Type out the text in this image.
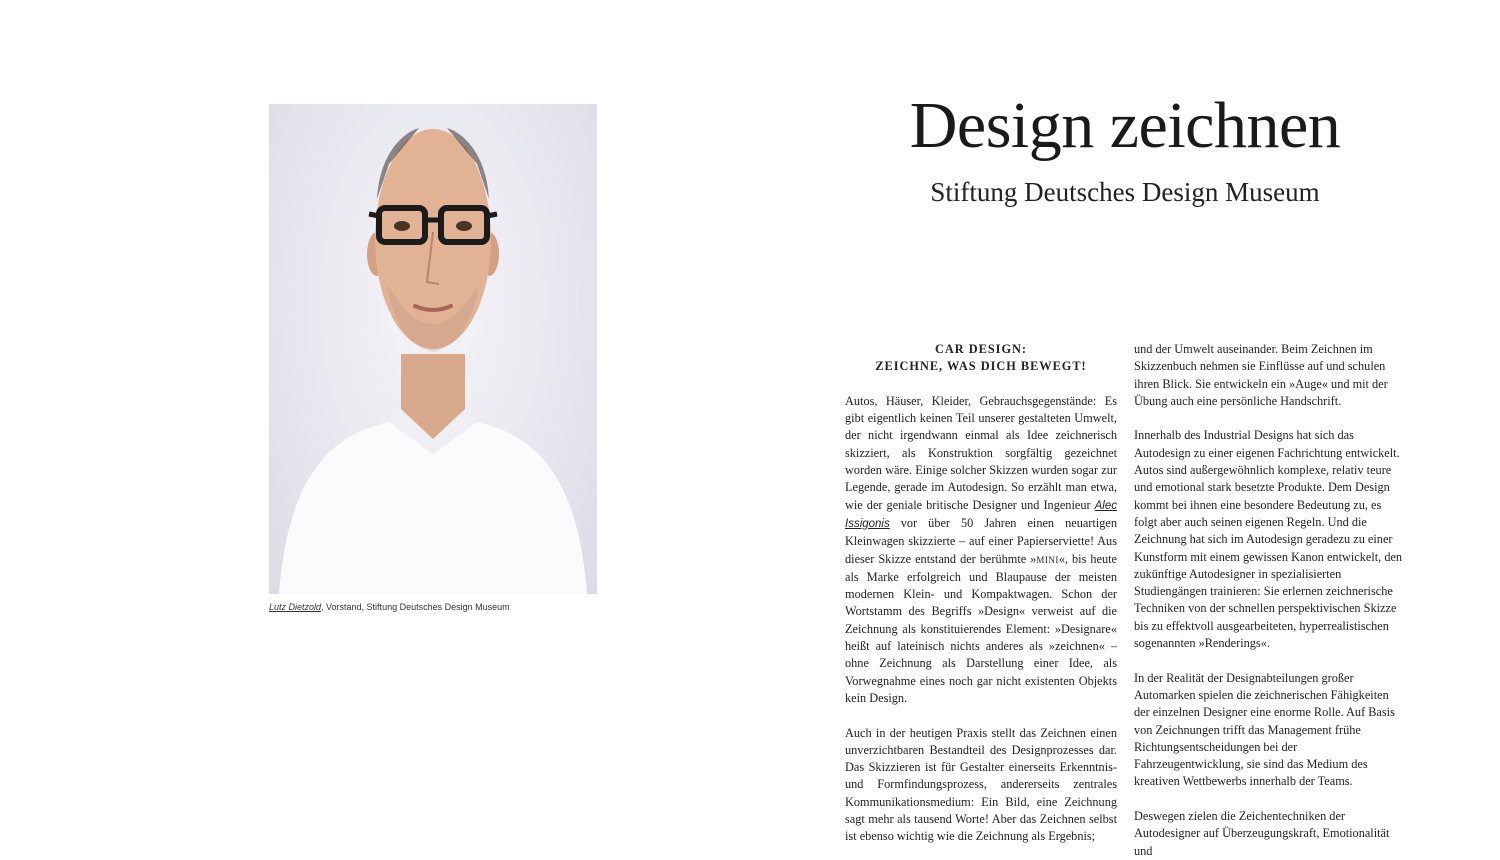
Lutz Dietzold, Vorstand, Stiftung Deutsches Design Museum
Design zeichnen
Stiftung Deutsches Design Museum
CAR DESIGN:
ZEICHNE, WAS DICH BEWEGT!

Autos, Häuser, Kleider, Gebrauchsgegenstände: Es gibt eigentlich keinen Teil unserer gestalteten Umwelt, der nicht irgendwann einmal als Idee zeichnerisch skizziert, als Konstruktion sorgfältig gezeichnet worden wäre. Einige solcher Skizzen wurden sogar zur Legende, gerade im Autodesign. So erzählt man etwa, wie der geniale britische Designer und Ingenieur Alec Issigonis vor über 50 Jahren einen neuartigen Kleinwagen skizzierte – auf einer Papierserviette! Aus dieser Skizze entstand der berühmte »MINI«, bis heute als Marke erfolgreich und Blaupause der meisten modernen Klein- und Kompaktwagen. Schon der Wortstamm des Begriffs »Design« verweist auf die Zeichnung als konstituierendes Element: »Designare« heißt auf lateinisch nichts anderes als »zeichnen« – ohne Zeichnung als Darstellung einer Idee, als Vorwegnahme eines noch gar nicht existenten Objekts kein Design.

Auch in der heutigen Praxis stellt das Zeichnen einen unverzichtbaren Bestandteil des Designprozesses dar. Das Skizzieren ist für Gestalter einerseits Erkenntnis- und Formfindungsprozess, andererseits zentrales Kommunikationsmedium: Ein Bild, eine Zeichnung sagt mehr als tausend Worte! Aber das Zeichnen selbst ist ebenso wichtig wie die Zeichnung als Ergebnis;

und der Umwelt auseinander. Beim Zeichnen im Skizzenbuch nehmen sie Einflüsse auf und schulen ihren Blick. Sie entwickeln ein »Auge« und mit der Übung auch eine persönliche Handschrift.

Innerhalb des Industrial Designs hat sich das Autodesign zu einer eigenen Fachrichtung entwickelt. Autos sind außergewöhnlich komplexe, relativ teure und emotional stark besetzte Produkte. Dem Design kommt bei ihnen eine besondere Bedeutung zu, es folgt aber auch seinen eigenen Regeln. Und die Zeichnung hat sich im Autodesign geradezu zu einer Kunstform mit einem gewissen Kanon entwickelt, den zukünftige Autodesigner in spezialisierten Studiengängen trainieren: Sie erlernen zeichnerische Techniken von der schnellen perspektivischen Skizze bis zu effektvoll ausgearbeiteten, hyperrealistischen sogenannten »Renderings«.

In der Realität der Designabteilungen großer Automarken spielen die zeichnerischen Fähigkeiten der einzelnen Designer eine enorme Rolle. Auf Basis von Zeichnungen trifft das Management frühe Richtungsentscheidungen bei der Fahrzeugentwicklung, sie sind das Medium des kreativen Wettbewerbs innerhalb der Teams.

Deswegen zielen die Zeichentechniken der Autodesigner auf Überzeugungskraft, Emotionalität und
